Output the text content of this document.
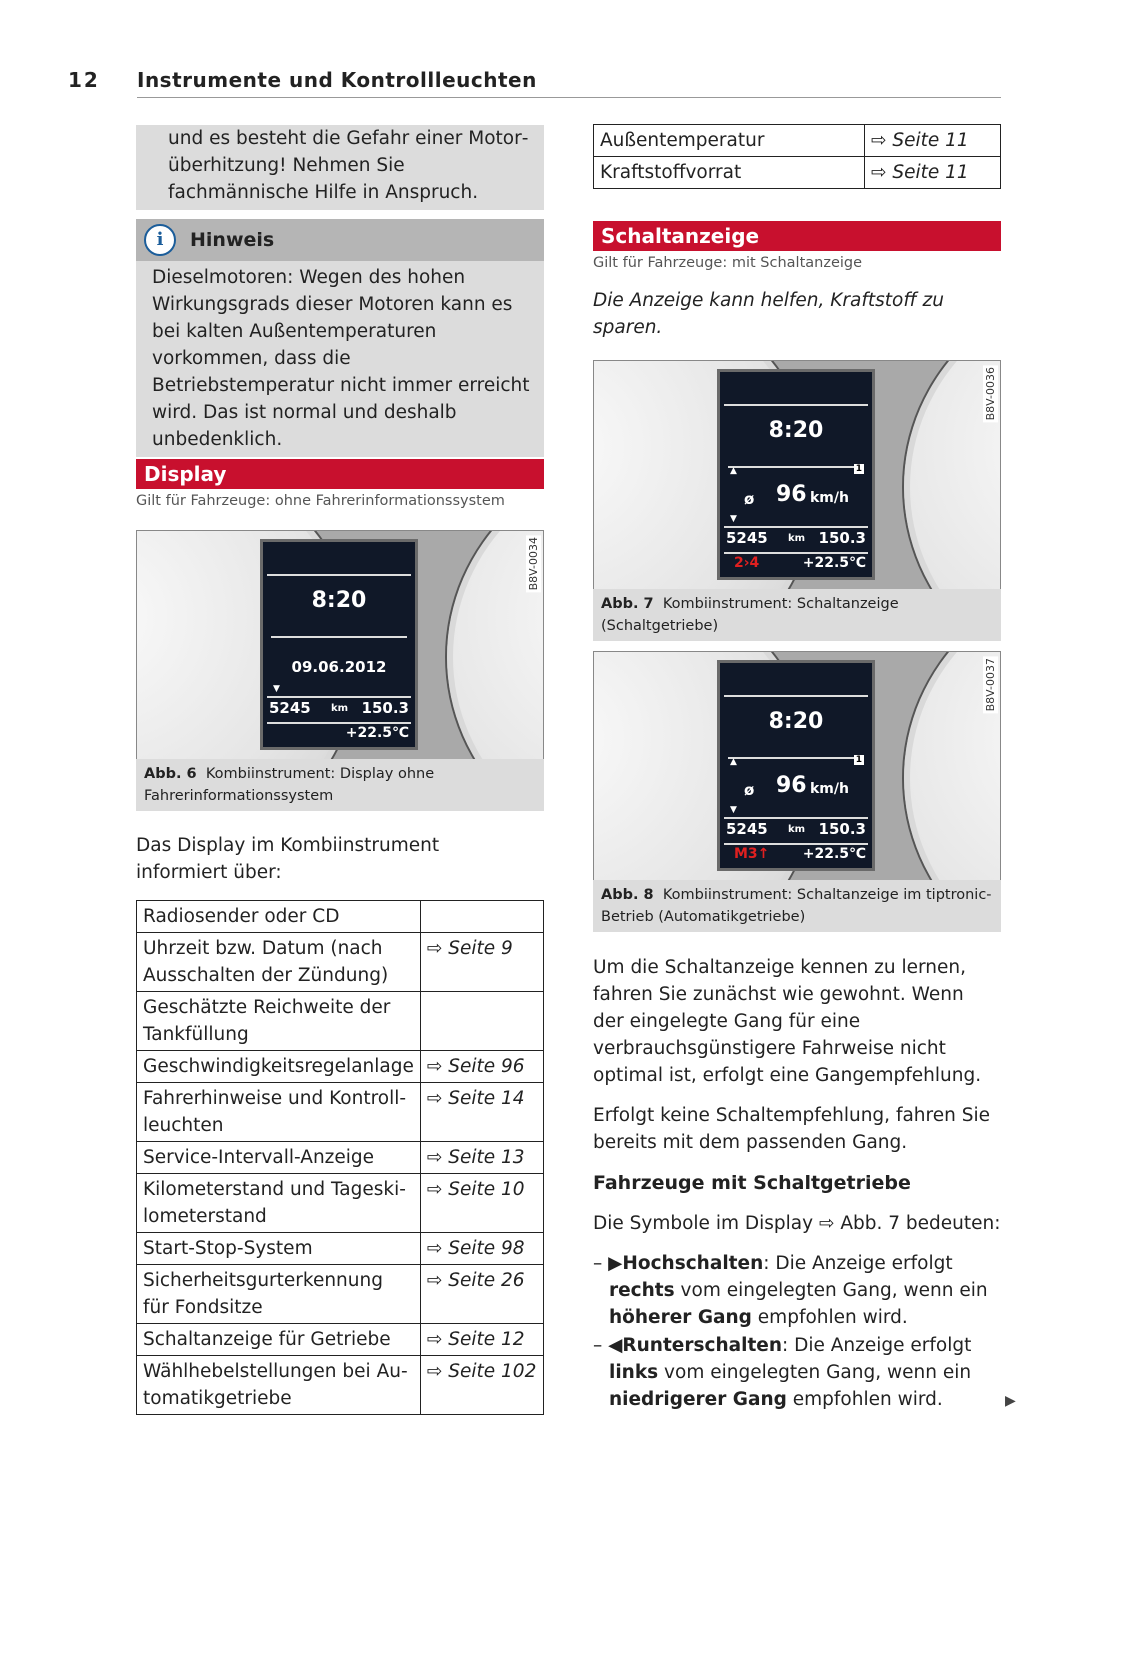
12 Instrumente und Kontrollleuchten
und es besteht die Gefahr einer Motorüberhitzung! Nehmen Sie fachmännische Hilfe in Anspruch.
i	Hinweis
Dieselmotoren: Wegen des hohen Wirkungsgrads dieser Motoren kann es bei kalten Außentemperaturen vorkommen, dass die Betriebstemperatur nicht immer erreicht wird. Das ist normal und deshalb unbedenklich.
Display
Gilt für Fahrzeuge: ohne Fahrerinformationssystem
8:20
09.06.2012
▼
5245 km 150.3
+22.5℃
B8V-0034
Abb. 6 Kombiinstrument: Display ohne Fahrerinformationssystem
Das Display im Kombiinstrument informiert über:
Radiosender oder CD	
Uhrzeit bzw. Datum (nach Ausschalten der Zündung)	⇨ Seite 9
Geschätzte Reichweite der Tankfüllung	
Geschwindigkeitsregelanlage	⇨ Seite 96
Fahrerhinweise und Kontrollleuchten	⇨ Seite 14
Service-Intervall-Anzeige	⇨ Seite 13
Kilometerstand und Tageskilometerstand	⇨ Seite 10
Start-Stop-System	⇨ Seite 98
Sicherheitsgurterkennung für Fondsitze	⇨ Seite 26
Schaltanzeige für Getriebe	⇨ Seite 12
Wählhebelstellungen bei Automatikgetriebe	⇨ Seite 102
Außentemperatur	⇨ Seite 11
Kraftstoffvorrat	⇨ Seite 11
Schaltanzeige
Gilt für Fahrzeuge: mit Schaltanzeige
Die Anzeige kann helfen, Kraftstoff zu sparen.
8:20
▲	1
ø 96 km/h
▼
5245 km 150.3
2›4	+22.5℃
B8V-0036
Abb. 7 Kombiinstrument: Schaltanzeige (Schaltgetriebe)
8:20
▲	1
ø 96 km/h
▼
5245 km 150.3
M3↑ +22.5℃
B8V-0037
Abb. 8 Kombiinstrument: Schaltanzeige im tiptronic-Betrieb (Automatikgetriebe)
Um die Schaltanzeige kennen zu lernen, fahren Sie zunächst wie gewohnt. Wenn der eingelegte Gang für eine verbrauchsgünstigere Fahrweise nicht optimal ist, erfolgt eine Gangempfehlung.
Erfolgt keine Schaltempfehlung, fahren Sie bereits mit dem passenden Gang.
Fahrzeuge mit Schaltgetriebe
Die Symbole im Display ⇨ Abb. 7 bedeuten:
– ▶Hochschalten: Die Anzeige erfolgt rechts vom eingelegten Gang, wenn ein höherer Gang empfohlen wird.
– ◀Runterschalten: Die Anzeige erfolgt links vom eingelegten Gang, wenn ein niedrigerer Gang empfohlen wird.	▶
